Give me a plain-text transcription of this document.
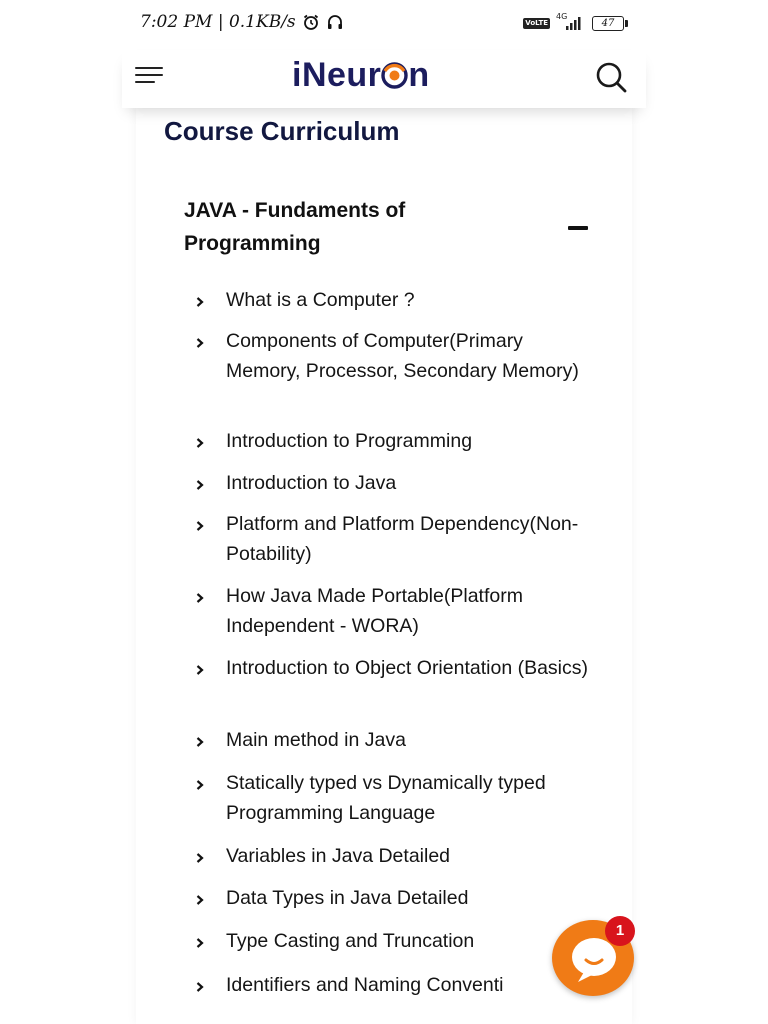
7:02 PM | 0.1KB/s	VoLTE
4G
47
iNeur n
Course Curriculum
JAVA - Fundaments of Programming
What is a Computer ?
Components of Computer(Primary Memory, Processor, Secondary Memory)
Introduction to Programming
Introduction to Java
Platform and Platform Dependency(Non- Potability)
How Java Made Portable(Platform Independent - WORA)
Introduction to Object Orientation (Basics)
Main method in Java
Statically typed vs Dynamically typed Programming Language
Variables in Java Detailed
Data Types in Java Detailed
Type Casting and Truncation
Identifiers and Naming Conventi
1
